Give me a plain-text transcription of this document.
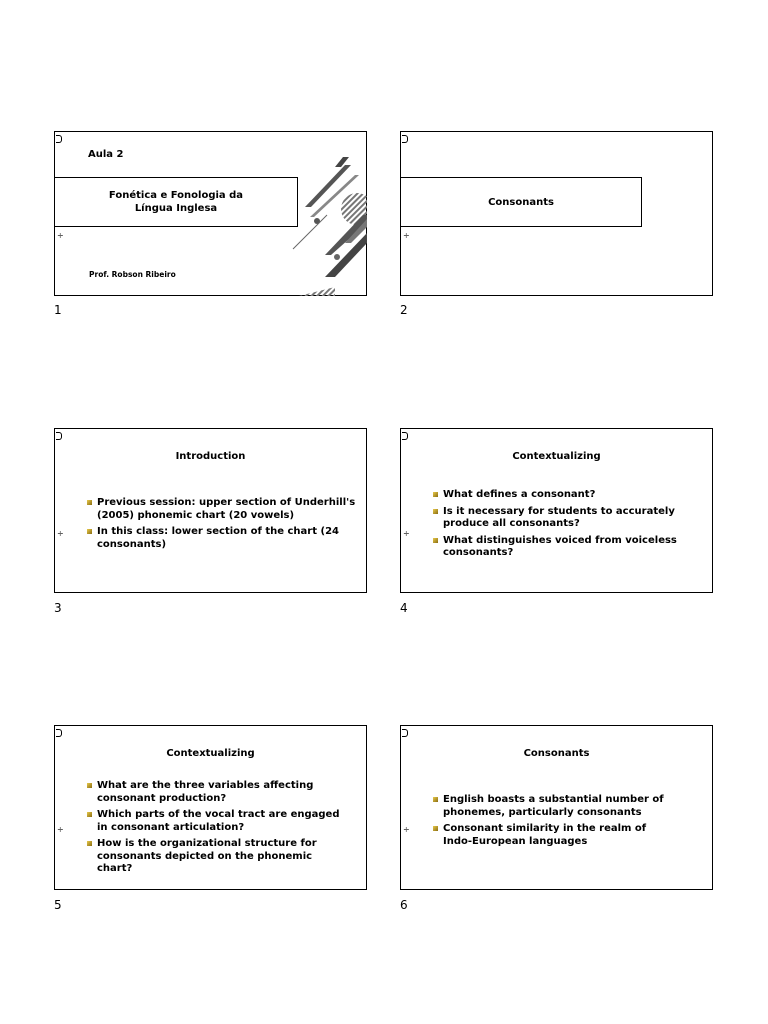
÷
Aula 2
Fonética e Fonologia da
Língua Inglesa
Prof. Robson Ribeiro
1
÷
Consonants
2
÷
Introduction
Previous session: upper section of Underhill's (2005) phonemic chart (20 vowels)
In this class: lower section of the chart (24 consonants)
3
÷
Contextualizing
What defines a consonant?
Is it necessary for students to accurately produce all consonants?
What distinguishes voiced from voiceless consonants?
4
÷
Contextualizing
What are the three variables affecting consonant production?
Which parts of the vocal tract are engaged in consonant articulation?
How is the organizational structure for consonants depicted on the phonemic chart?
5
÷
Consonants
English boasts a substantial number of phonemes, particularly consonants
Consonant similarity in the realm of Indo-European languages
6
